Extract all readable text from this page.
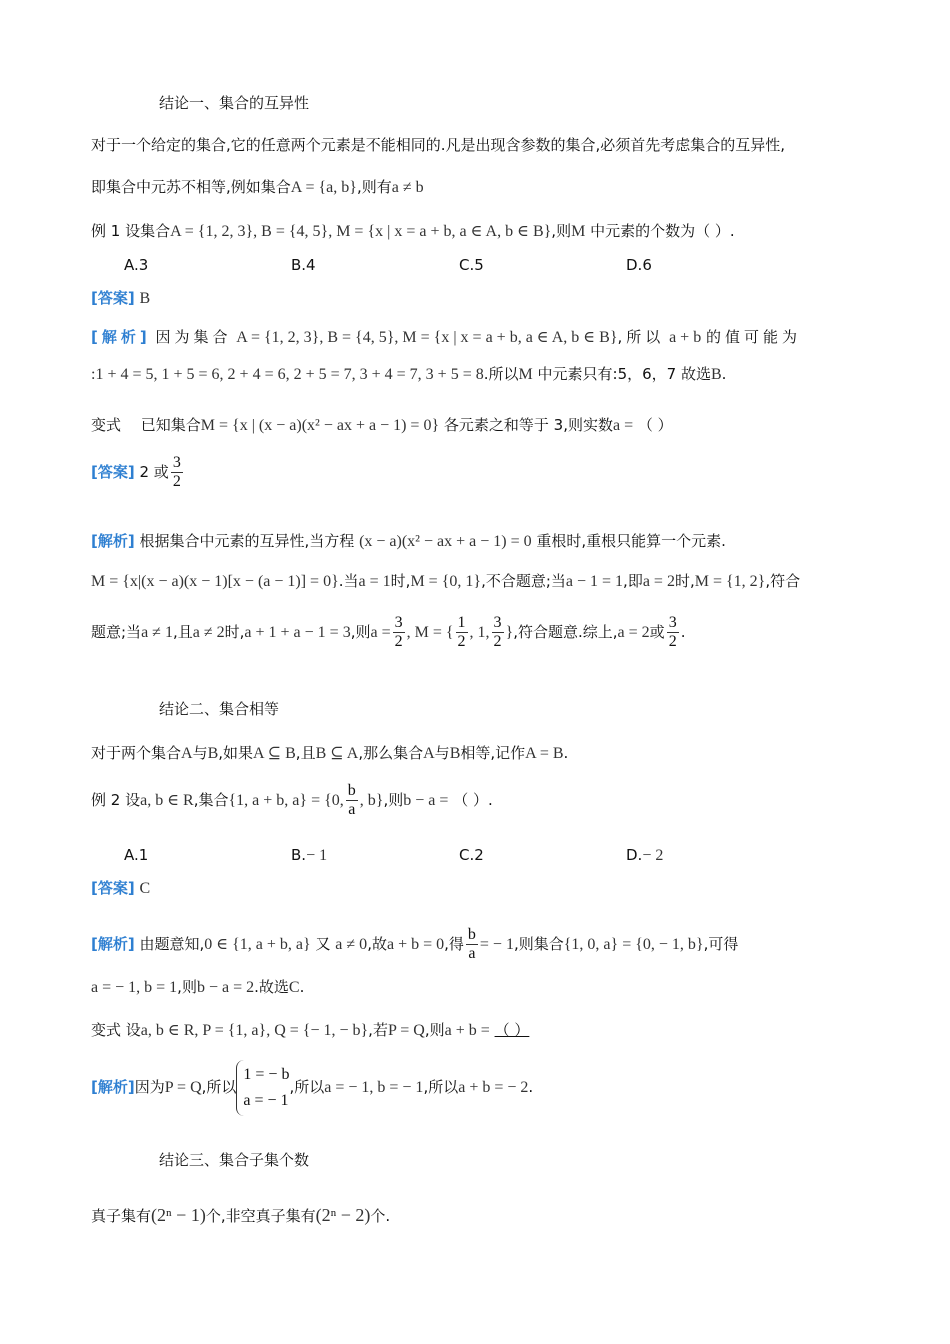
结论一、集合的互异性
对于一个给定的集合,它的任意两个元素是不能相同的.凡是出现含参数的集合,必须首先考虑集合的互异性,
即集合中元苏不相等,例如集合A = {a, b},则有a ≠ b
例 1 设集合A = {1, 2, 3}, B = {4, 5}, M = {x | x = a + b, a ∈ A, b ∈ B},则M 中元素的个数为（ ）.
A.3	B.4	C.5	D.6
[答案] B
[解析] 因为集合 A = {1, 2, 3}, B = {4, 5}, M = {x | x = a + b, a ∈ A, b ∈ B},所以 a + b 的值可能为
:1 + 4 = 5, 1 + 5 = 6, 2 + 4 = 6, 2 + 5 = 7, 3 + 4 = 7, 3 + 5 = 8.所以M 中元素只有:5，6，7 故选B.
变式　 已知集合M = {x | (x − a)(x² − ax + a − 1) = 0} 各元素之和等于 3,则实数a = （ ）
[答案] 2 或 $\frac{3}{2}$
[解析] 根据集合中元素的互异性,当方程 (x − a)(x² − ax + a − 1) = 0 重根时,重根只能算一个元素.
M = {x|(x − a)(x − 1)[x − (a − 1)] = 0}.当a = 1时,M = {0, 1},不合题意;当a − 1 = 1,即a = 2时,M = {1, 2},符合
题意;当a ≠ 1,且a ≠ 2时,a + 1 + a − 1 = 3,则$a = \frac{3}{2}$ , M = { $\frac{1}{2}$ , 1, $\frac{3}{2}$ },符合题意.综上,a = 2或 $\frac{3}{2}$ .
结论二、集合相等
对于两个集合A与B,如果A ⊆ B,且B ⊆ A,那么集合A与B相等,记作A = B.
例 2 设a, b ∈ R,集合{1, a + b, a} = {0, $\frac{b}{a}$ , b},则b − a = （ ）.
A.1	B.− 1	C.2	D.− 2
[答案] C
[解析] 由题意知,0 ∈ {1, a + b, a} 又 a ≠ 0,故a + b = 0,得 $\frac{b}{a}$ = − 1,则集合{1, 0, a} = {0, − 1, b},可得
a = − 1, b = 1,则b − a = 2.故选C.
变式 设a, b ∈ R, P = {1, a}, Q = {− 1, − b},若P = Q,则a + b = （ ）
[解析]因为P = Q,所以
1 = − b
a = − 1
,所以a = − 1, b = − 1,所以a + b = − 2.
结论三、集合子集个数
真子集有(2ⁿ − 1)个,非空真子集有(2ⁿ − 2)个.
